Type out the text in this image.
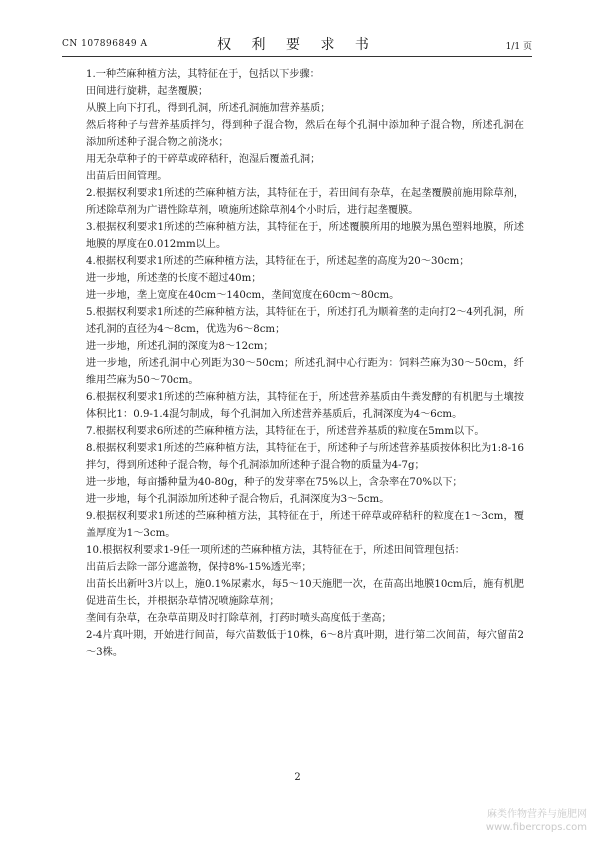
CN 107896849 A	权 利 要 求 书	1/1 页

1.一种苎麻种植方法，其特征在于，包括以下步骤：

田间进行旋耕，起垄覆膜；

从膜上向下打孔，得到孔洞，所述孔洞施加营养基质；

然后将种子与营养基质拌匀，得到种子混合物，然后在每个孔洞中添加种子混合物，所述孔洞在添加所述种子混合物之前浇水；

用无杂草种子的干碎草或碎秸秆，泡湿后覆盖孔洞；

出苗后田间管理。

2.根据权利要求1所述的苎麻种植方法，其特征在于，若田间有杂草，在起垄覆膜前施用除草剂，所述除草剂为广谱性除草剂，喷施所述除草剂4个小时后，进行起垄覆膜。

3.根据权利要求1所述的苎麻种植方法，其特征在于，所述覆膜所用的地膜为黑色塑料地膜，所述地膜的厚度在0.012mm以上。

4.根据权利要求1所述的苎麻种植方法，其特征在于，所述起垄的高度为20～30cm；

进一步地，所述垄的长度不超过40m；

进一步地，垄上宽度在40cm～140cm，垄间宽度在60cm～80cm。

5.根据权利要求1所述的苎麻种植方法，其特征在于，所述打孔为顺着垄的走向打2～4列孔洞，所述孔洞的直径为4～8cm，优选为6～8cm；

进一步地，所述孔洞的深度为8～12cm；

进一步地，所述孔洞中心列距为30～50cm；所述孔洞中心行距为：饲料苎麻为30～50cm，纤维用苎麻为50～70cm。

6.根据权利要求1所述的苎麻种植方法，其特征在于，所述营养基质由牛粪发酵的有机肥与土壤按体积比1：0.9-1.4混匀制成，每个孔洞加入所述营养基质后，孔洞深度为4～6cm。

7.根据权利要求6所述的苎麻种植方法，其特征在于，所述营养基质的粒度在5mm以下。

8.根据权利要求1所述的苎麻种植方法，其特征在于，所述种子与所述营养基质按体积比为1:8-16拌匀，得到所述种子混合物，每个孔洞添加所述种子混合物的质量为4-7g；

进一步地，每亩播种量为40-80g，种子的发芽率在75%以上，含杂率在70%以下；

进一步地，每个孔洞添加所述种子混合物后，孔洞深度为3～5cm。

9.根据权利要求1所述的苎麻种植方法，其特征在于，所述干碎草或碎秸秆的粒度在1～3cm，覆盖厚度为1～3cm。

10.根据权利要求1-9任一项所述的苎麻种植方法，其特征在于，所述田间管理包括：

出苗后去除一部分遮盖物，保持8%-15%透光率；

出苗长出新叶3片以上，施0.1%尿素水，每5～10天施肥一次，在苗高出地膜10cm后，施有机肥促进苗生长，并根据杂草情况喷施除草剂；

垄间有杂草，在杂草苗期及时打除草剂，打药时喷头高度低于垄高；

2-4片真叶期，开始进行间苗，每穴苗数低于10株，6～8片真叶期，进行第二次间苗，每穴留苗2～3株。

2
麻类作物营养与施肥网
www.fibercrops.com
